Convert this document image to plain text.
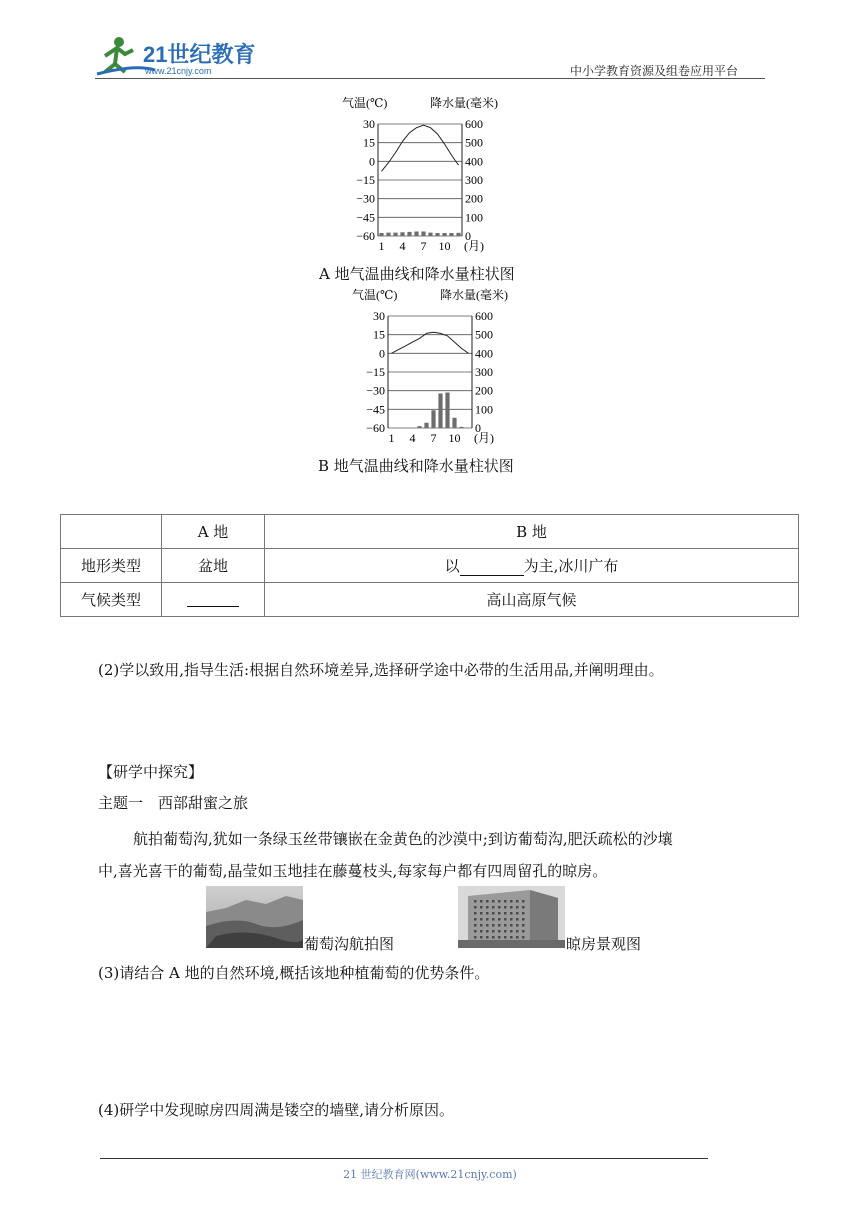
21世纪教育
www.21cnjy.com	中小学教育资源及组卷应用平台
气温(℃)	降水量(毫米)
30
15
0
−15
−30
−45
−60
600
500
400
300
200
100
0
1 4 7 10 (月)
A 地气温曲线和降水量柱状图
气温(℃)	降水量(毫米)
30
15
0
−15
−30
−45
−60
600
500
400
300
200
100
0
1 4 7 10 (月)
B 地气温曲线和降水量柱状图
	A 地	B 地
地形类型	盆地	以 为主,冰川广布
气候类型		高山高原气候
(2)学以致用,指导生活:根据自然环境差异,选择研学途中必带的生活用品,并阐明理由。
【研学中探究】
主题一　西部甜蜜之旅
航拍葡萄沟,犹如一条绿玉丝带镶嵌在金黄色的沙漠中;到访葡萄沟,肥沃疏松的沙壤
中,喜光喜干的葡萄,晶莹如玉地挂在藤蔓枝头,每家每户都有四周留孔的晾房。
葡萄沟航拍图	晾房景观图
(3)请结合 A 地的自然环境,概括该地种植葡萄的优势条件。
(4)研学中发现晾房四周满是镂空的墙壁,请分析原因。
21 世纪教育网(www.21cnjy.com)
